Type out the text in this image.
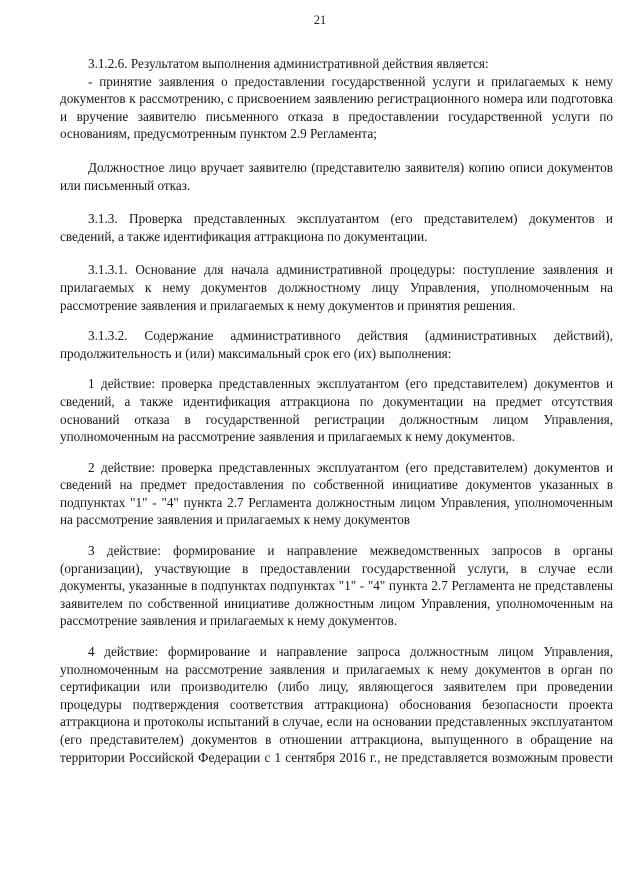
21

3.1.2.6. Результатом выполнения административной действия является:

- принятие заявления о предоставлении государственной услуги и прилагаемых к нему документов к рассмотрению, с присвоением заявлению регистрационного номера или подготовка и вручение заявителю письменного отказа в предоставлении государственной услуги по основаниям, предусмотренным пунктом 2.9 Регламента;

Должностное лицо вручает заявителю (представителю заявителя) копию описи документов или письменный отказ.

3.1.3. Проверка представленных эксплуатантом (его представителем) документов и сведений, а также идентификация аттракциона по документации.

3.1.3.1. Основание для начала административной процедуры: поступление заявления и прилагаемых к нему документов должностному лицу Управления, уполномоченным на рассмотрение заявления и прилагаемых к нему документов и принятия решения.

3.1.3.2. Содержание административного действия (административных действий), продолжительность и (или) максимальный срок его (их) выполнения:

1 действие: проверка представленных эксплуатантом (его представителем) документов и сведений, а также идентификация аттракциона по документации на предмет отсутствия оснований отказа в государственной регистрации должностным лицом Управления, уполномоченным на рассмотрение заявления и прилагаемых к нему документов.

2 действие: проверка представленных эксплуатантом (его представителем) документов и сведений на предмет предоставления по собственной инициативе документов указанных в подпунктах "1" - "4" пункта 2.7 Регламента должностным лицом Управления, уполномоченным на рассмотрение заявления и прилагаемых к нему документов

3 действие: формирование и направление межведомственных запросов в органы (организации), участвующие в предоставлении государственной услуги, в случае если документы, указанные в подпунктах подпунктах "1" - "4" пункта 2.7 Регламента не представлены заявителем по собственной инициативе должностным лицом Управления, уполномоченным на рассмотрение заявления и прилагаемых к нему документов.

4 действие: формирование и направление запроса должностным лицом Управления, уполномоченным на рассмотрение заявления и прилагаемых к нему документов в орган по сертификации или производителю (либо лицу, являющегося заявителем при проведении процедуры подтверждения соответствия аттракциона) обоснования безопасности проекта аттракциона и протоколы испытаний в случае, если на основании представленных эксплуатантом (его представителем) документов в отношении аттракциона, выпущенного в обращение на территории Российской Федерации с 1 сентября 2016 г., не представляется возможным провести
